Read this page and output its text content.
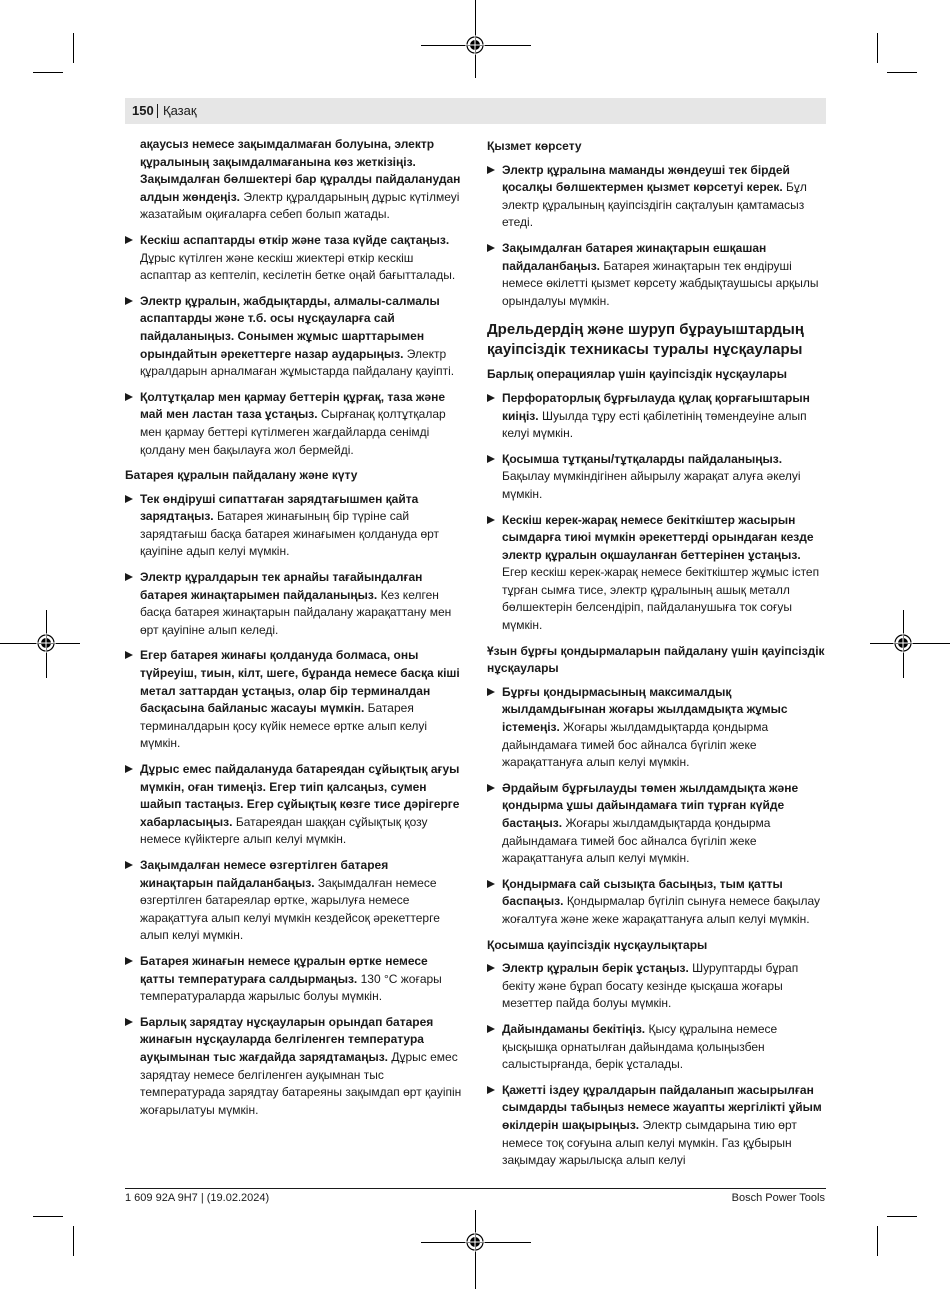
150 Қазақ

ақаусыз немесе зақымдалмаған болуына, электр құралының зақымдалмағанына көз жеткізіңіз. Зақымдалған бөлшектері бар құралды пайдаланудан алдын жөндеңіз. Электр құралдарының дұрыс күтілмеуі жазатайым оқиғаларға себеп болып жатады.

Кескіш аспаптарды өткір және таза күйде сақтаңыз. Дұрыс күтілген және кескіш жиектері өткір кескіш аспаптар аз кептеліп, кесілетін бетке оңай бағытталады.

Электр құралын, жабдықтарды, алмалы-салмалы аспаптарды және т.б. осы нұсқауларға сай пайдаланыңыз. Сонымен жұмыс шарттарымен орындайтын әрекеттерге назар аударыңыз. Электр құралдарын арналмаған жұмыстарда пайдалану қауіпті.

Қолтұтқалар мен қармау беттерін құрғақ, таза және май мен ластан таза ұстаңыз. Сырғанақ қолтұтқалар мен қармау беттері күтілмеген жағдайларда сенімді қолдану мен бақылауға жол бермейді.

Батарея құралын пайдалану және күту

Тек өндіруші сипаттаған зарядтағышмен қайта зарядтаңыз. Батарея жинағының бір түріне сай зарядтағыш басқа батарея жинағымен қолдануда өрт қауіпіне адып келуі мүмкін.

Электр құралдарын тек арнайы тағайындалған батарея жинақтарымен пайдаланыңыз. Кез келген басқа батарея жинақтарын пайдалану жарақаттану мен өрт қауіпіне алып келеді.

Егер батарея жинағы қолдануда болмаса, оны түйреуіш, тиын, кілт, шеге, бұранда немесе басқа кіші метал заттардан ұстаңыз, олар бір терминалдан басқасына байланыс жасауы мүмкін. Батарея терминалдарын қосу күйік немесе өртке алып келуі мүмкін.

Дұрыс емес пайдалануда батареядан сұйықтық ағуы мүмкін, оған тимеңіз. Егер тиіп қалсаңыз, сумен шайып тастаңыз. Егер сұйықтық көзге тисе дәрігерге хабарласыңыз. Батареядан шаққан сұйықтық қозу немесе күйіктерге алып келуі мүмкін.

Зақымдалған немесе өзгертілген батарея жинақтарын пайдаланбаңыз. Зақымдалған немесе өзгертілген батареялар өртке, жарылуға немесе жарақаттуға алып келуі мүмкін кездейсоқ әрекеттерге алып келуі мүмкін.

Батарея жинағын немесе құралын өртке немесе қатты температураға салдырмаңыз. 130 °C жоғары температураларда жарылыс болуы мүмкін.

Барлық зарядтау нұсқауларын орындап батарея жинағын нұсқауларда белгіленген температура ауқымынан тыс жағдайда зарядтамаңыз. Дұрыс емес зарядтау немесе белгіленген ауқымнан тыс температурада зарядтау батареяны зақымдап өрт қауіпін жоғарылатуы мүмкін.

Қызмет көрсету

Электр құралына маманды жөндеуші тек бірдей қосалқы бөлшектермен қызмет көрсетуі керек. Бұл электр құралының қауіпсіздігін сақталуын қамтамасыз етеді.

Зақымдалған батарея жинақтарын ешқашан пайдаланбаңыз. Батарея жинақтарын тек өндіруші немесе өкілетті қызмет көрсету жабдықтаушысы арқылы орындалуы мүмкін.

Дрельдердің және шуруп бұрауыштардың қауіпсіздік техникасы туралы нұсқаулары

Барлық операциялар үшін қауіпсіздік нұсқаулары

Перфораторлық бұрғылауда құлақ қорғағыштарын киіңіз. Шуылда тұру есті қабілетінің төмендеуіне алып келуі мүмкін.

Қосымша тұтқаны/тұтқаларды пайдаланыңыз. Бақылау мүмкіндігінен айырылу жарақат алуға әкелуі мүмкін.

Кескіш керек-жарақ немесе бекіткіштер жасырын сымдарға тиюі мүмкін әрекеттерді орындаған кезде электр құралын оқшауланған беттерінен ұстаңыз. Егер кескіш керек-жарақ немесе бекіткіштер жұмыс істеп тұрған сымға тисе, электр құралының ашық металл бөлшектерін белсендіріп, пайдаланушыға ток соғуы мүмкін.

Ұзын бұрғы қондырмаларын пайдалану үшін қауіпсіздік нұсқаулары

Бұрғы қондырмасының максималдық жылдамдығынан жоғары жылдамдықта жұмыс істемеңіз. Жоғары жылдамдықтарда қондырма дайындамаға тимей бос айналса бүгіліп жеке жарақаттануға алып келуі мүмкін.

Әрдайым бұрғылауды төмен жылдамдықта және қондырма ұшы дайындамаға тиіп тұрған күйде бастаңыз. Жоғары жылдамдықтарда қондырма дайындамаға тимей бос айналса бүгіліп жеке жарақаттануға алып келуі мүмкін.

Қондырмаға сай сызықта басыңыз, тым қатты баспаңыз. Қондырмалар бүгіліп сынуға немесе бақылау жоғалтуға және жеке жарақаттануға алып келуі мүмкін.

Қосымша қауіпсіздік нұсқаулықтары

Электр құралын берік ұстаңыз. Шуруптарды бұрап бекіту және бұрап босату кезінде қысқаша жоғары мезеттер пайда болуы мүмкін.

Дайындаманы бекітіңіз. Қысу құралына немесе қысқышқа орнатылған дайындама қолыңызбен салыстырғанда, берік ұсталады.

Қажетті іздеу құралдарын пайдаланып жасырылған сымдарды табыңыз немесе жауапты жергілікті ұйым өкілдерін шақырыңыз. Электр сымдарына тию өрт немесе тоқ соғуына алып келуі мүмкін. Газ құбырын зақымдау жарылысқа алып келуі

1 609 92A 9H7 | (19.02.2024)	Bosch Power Tools
